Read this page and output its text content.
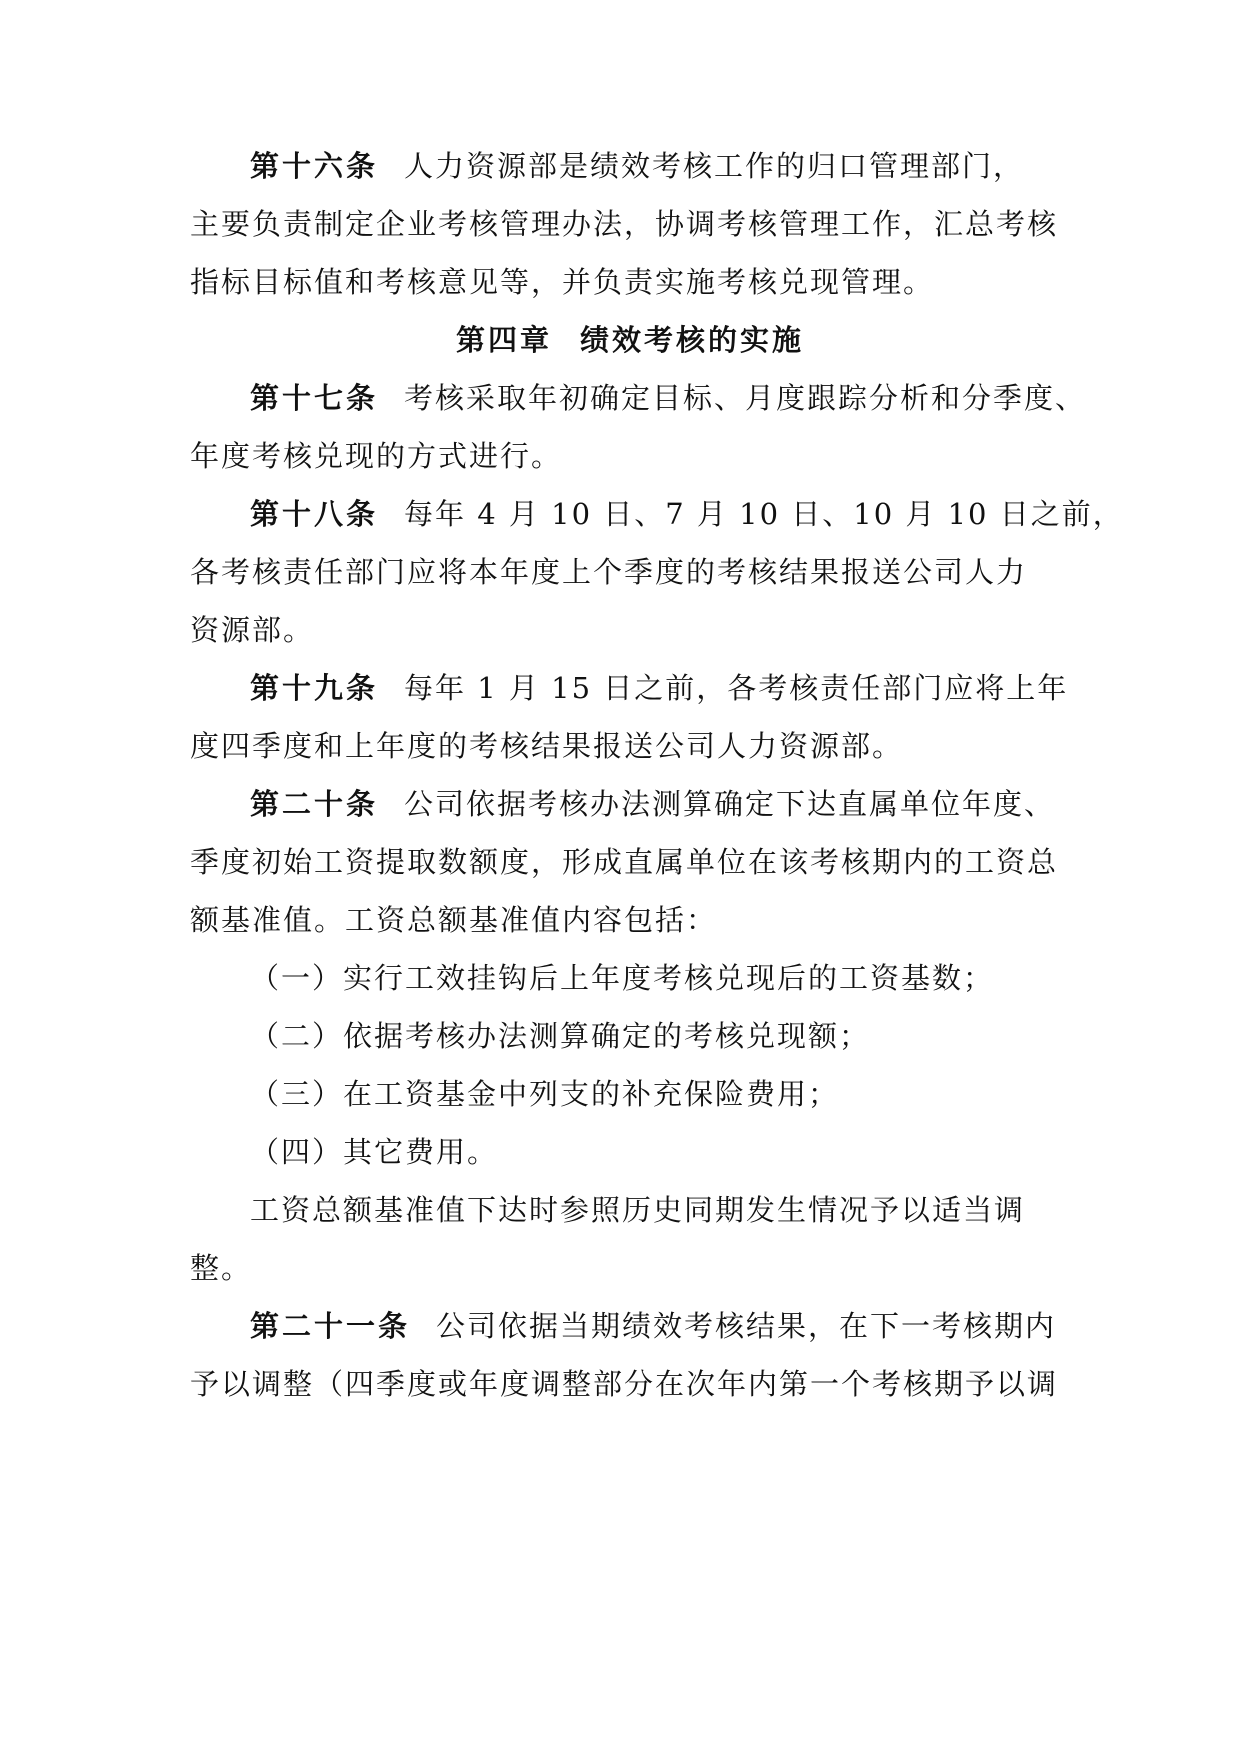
第十六条 人力资源部是绩效考核工作的归口管理部门，
主要负责制定企业考核管理办法，协调考核管理工作，汇总考核
指标目标值和考核意见等，并负责实施考核兑现管理。
第四章 绩效考核的实施
第十七条 考核采取年初确定目标、月度跟踪分析和分季度、
年度考核兑现的方式进行。
第十八条 每年 4 月 10 日、7 月 10 日、10 月 10 日之前，
各考核责任部门应将本年度上个季度的考核结果报送公司人力
资源部。
第十九条 每年 1 月 15 日之前，各考核责任部门应将上年
度四季度和上年度的考核结果报送公司人力资源部。
第二十条 公司依据考核办法测算确定下达直属单位年度、
季度初始工资提取数额度，形成直属单位在该考核期内的工资总
额基准值。工资总额基准值内容包括：
（一）实行工效挂钩后上年度考核兑现后的工资基数；
（二）依据考核办法测算确定的考核兑现额；
（三）在工资基金中列支的补充保险费用；
（四）其它费用。
工资总额基准值下达时参照历史同期发生情况予以适当调
整。
第二十一条 公司依据当期绩效考核结果，在下一考核期内
予以调整（四季度或年度调整部分在次年内第一个考核期予以调
